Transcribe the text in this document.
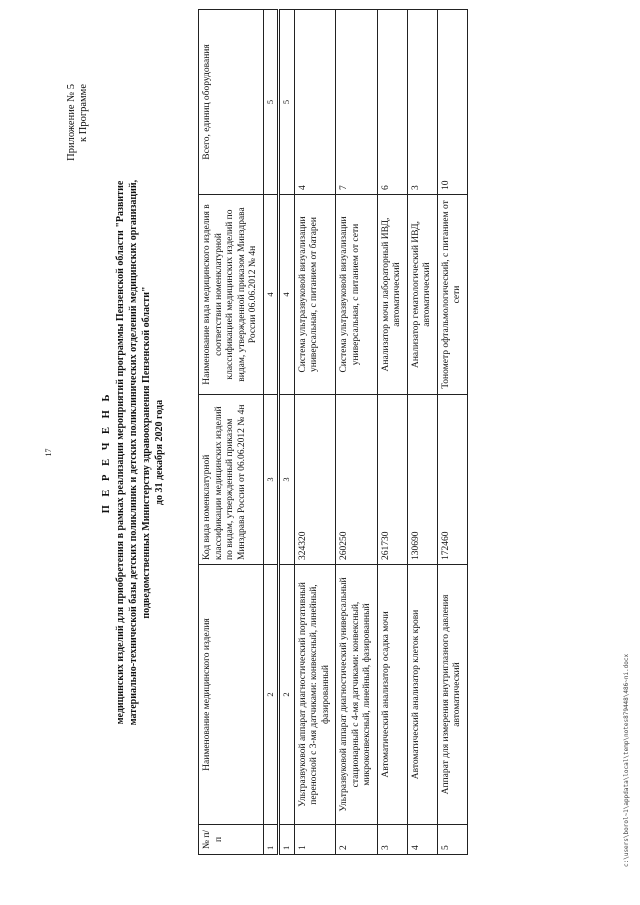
17
Приложение № 5 к Программе
П Е Р Е Ч Е Н Ь медицинских изделий для приобретения в рамках реализации мероприятий программы Пензенской области "Развитие материально-технической базы детских поликлиник и детских поликлинических отделений медицинских организаций, подведомственных Министерству здравоохранения Пензенской области" до 31 декабря 2020 года
№ п/п	Наименование медицинского изделия	Код вида номенклатурной классификации медицинских изделий по видам, утвержденный приказом Минздрава России от 06.06.2012 № 4н	Наименование вида медицинского изделия в соответствии номенклатурной классификацией медицинских изделий по видам, утвержденной приказом Минздрава России 06.06.2012 № 4н	Всего, единиц оборудования
1	2	3	4	5

1	2	3	4	5
1	Ультразвуковой аппарат диагностический портативный переносной с 3-мя датчиками: конвексный, линейный, фазированный	324320	Система ультразвуковой визуализации универсальная, с питанием от батареи	4
2	Ультразвуковой аппарат диагностический универсальный стационарный с 4-мя датчиками: конвексный, микроконвексный, линейный, фазированный	260250	Система ультразвуковой визуализации универсальная, с питанием от сети	7
3	Автоматический анализатор осадка мочи	261730	Анализатор мочи лабораторный ИВД, автоматический	6
4	Автоматический анализатор клеток крови	130690	Анализатор гематологический ИВД, автоматический	3
5	Аппарат для измерения внутриглазного давления автоматический	172460	Тонометр офтальмологический, с питанием от сети	10
c:\users\borol~1\appdata\local\temp\notes879448\486~ni.docx
